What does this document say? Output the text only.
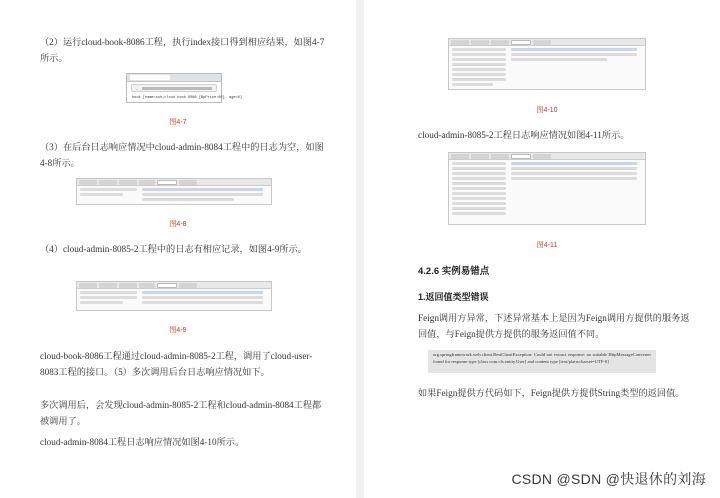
（2）运行cloud-book-8086工程，执行index接口得到相应结果，如图4-7所示。
←
book [name=ssh,cloud book 8086 [BpPrice:86]. age=0]
图4-7
（3）在后台日志响应情况中cloud-admin-8084工程中的日志为空，如图4-8所示。
图4-8
（4）cloud-admin-8085-2工程中的日志有相应记录，如图4-9所示。
图4-9
cloud-book-8086工程通过cloud-admin-8085-2工程，调用了cloud-user-8083工程的接口。（5）多次调用后台日志响应情况如下。
多次调用后，会发现cloud-admin-8085-2工程和cloud-admin-8084工程都被调用了。
cloud-admin-8084工程日志响应情况如图4-10所示。
图4-10
cloud-admin-8085-2工程日志响应情况如图4-11所示。
图4-11
4.2.6 实例易错点
1.返回值类型错误
Feign调用方异常，下述异常基本上是因为Feign调用方提供的服务返回值，与Feign提供方提供的服务返回值不同。
org.springframework.web.client.RestClientException: Could not extract response: no suitable HttpMessageConverter found for response type [class com.cfs.entity.User] and content type [text/plain;charset=UTF-8]
如果Feign提供方代码如下，Feign提供方提供String类型的返回值。
CSDN @SDN @快退休的刘海
